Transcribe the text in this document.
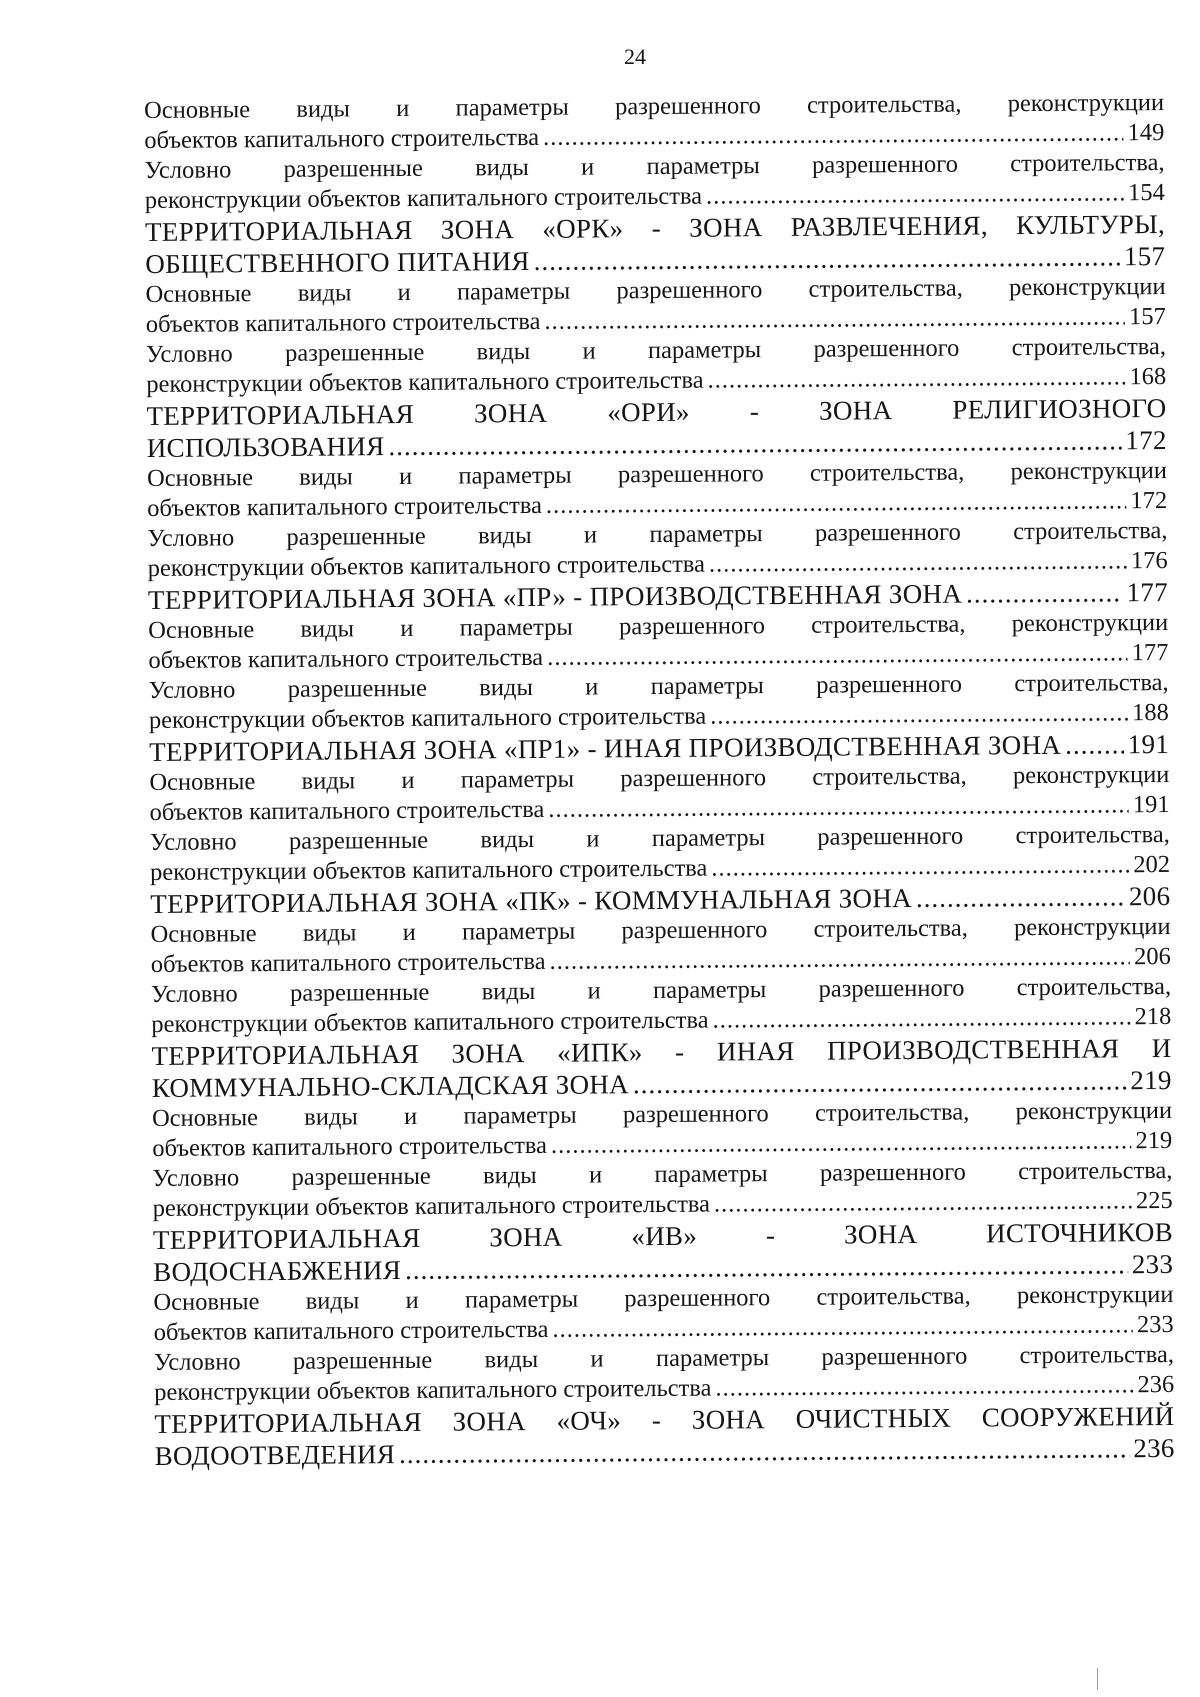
24
Основные виды и параметры разрешенного строительства, реконструкции
объектов капитального строительства .....	149
Условно разрешенные виды и параметры разрешенного строительства,
реконструкции объектов капитального строительства .....	154
ТЕРРИТОРИАЛЬНАЯ ЗОНА «ОРК» - ЗОНА РАЗВЛЕЧЕНИЯ, КУЛЬТУРЫ,
ОБЩЕСТВЕННОГО ПИТАНИЯ .....	157
Основные виды и параметры разрешенного строительства, реконструкции
объектов капитального строительства .....	157
Условно разрешенные виды и параметры разрешенного строительства,
реконструкции объектов капитального строительства .....	168
ТЕРРИТОРИАЛЬНАЯ ЗОНА «ОРИ» - ЗОНА РЕЛИГИОЗНОГО
ИСПОЛЬЗОВАНИЯ .....	172
Основные виды и параметры разрешенного строительства, реконструкции
объектов капитального строительства .....	172
Условно разрешенные виды и параметры разрешенного строительства,
реконструкции объектов капитального строительства .....	176
ТЕРРИТОРИАЛЬНАЯ ЗОНА «ПР» - ПРОИЗВОДСТВЕННАЯ ЗОНА .....	177
Основные виды и параметры разрешенного строительства, реконструкции
объектов капитального строительства .....	177
Условно разрешенные виды и параметры разрешенного строительства,
реконструкции объектов капитального строительства .....	188
ТЕРРИТОРИАЛЬНАЯ ЗОНА «ПР1» - ИНАЯ ПРОИЗВОДСТВЕННАЯ ЗОНА ..... 191
Основные виды и параметры разрешенного строительства, реконструкции
объектов капитального строительства .....	191
Условно разрешенные виды и параметры разрешенного строительства,
реконструкции объектов капитального строительства .....	202
ТЕРРИТОРИАЛЬНАЯ ЗОНА «ПК» - КОММУНАЛЬНАЯ ЗОНА .....	206
Основные виды и параметры разрешенного строительства, реконструкции
объектов капитального строительства .....	206
Условно разрешенные виды и параметры разрешенного строительства,
реконструкции объектов капитального строительства .....	218
ТЕРРИТОРИАЛЬНАЯ ЗОНА «ИПК» - ИНАЯ ПРОИЗВОДСТВЕННАЯ И
КОММУНАЛЬНО-СКЛАДСКАЯ ЗОНА .....	219
Основные виды и параметры разрешенного строительства, реконструкции
объектов капитального строительства .....	219
Условно разрешенные виды и параметры разрешенного строительства,
реконструкции объектов капитального строительства .....	225
ТЕРРИТОРИАЛЬНАЯ ЗОНА «ИВ» - ЗОНА ИСТОЧНИКОВ
ВОДОСНАБЖЕНИЯ .....	233
Основные виды и параметры разрешенного строительства, реконструкции
объектов капитального строительства .....	233
Условно разрешенные виды и параметры разрешенного строительства,
реконструкции объектов капитального строительства .....	236
ТЕРРИТОРИАЛЬНАЯ ЗОНА «ОЧ» - ЗОНА ОЧИСТНЫХ СООРУЖЕНИЙ
ВОДООТВЕДЕНИЯ .....	236
